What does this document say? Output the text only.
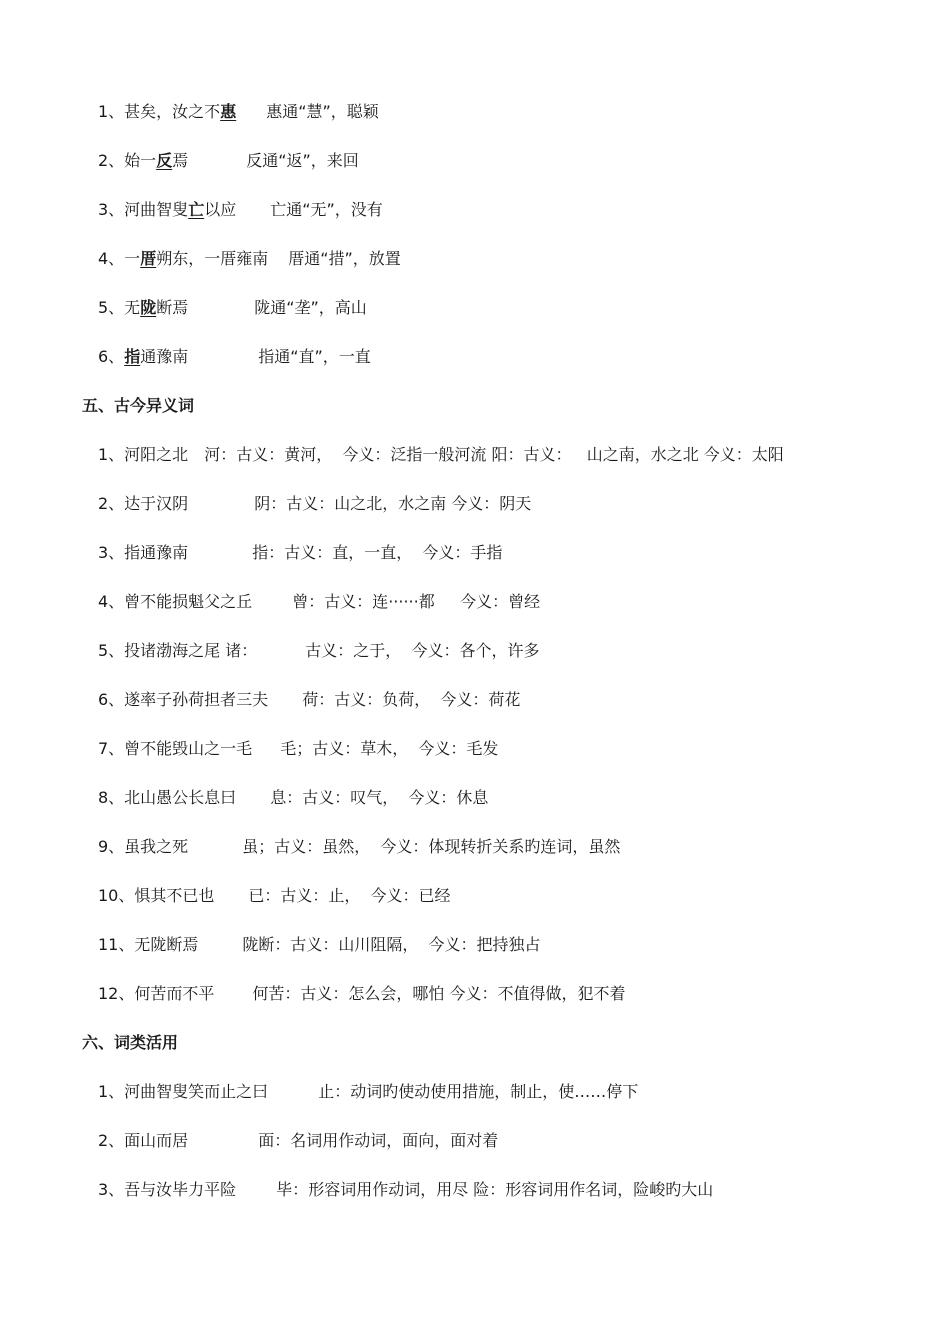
1、甚矣，汝之不惠 惠通“慧”，聪颖
2、始一反焉	反通“返”，来回
3、河曲智叟亡以应 亡通“无”，没有
4、一厝朔东，一厝雍南 厝通“措”，放置
5、无陇断焉	陇通“垄”，高山
6、指通豫南	指通“直”，一直
五、古今异义词
1、河阳之北 河：古义：黄河，  今义：泛指一般河流 阳：古义：   山之南，水之北 今义：太阳
2、达于汉阴	阴：古义：山之北，水之南 今义：阴天
3、指通豫南	指：古义：直，一直，  今义：手指
4、曾不能损魁父之丘	曾：古义：连······都     今义：曾经
5、投诸渤海之尾 诸：	古义：之于，  今义：各个，许多
6、遂率子孙荷担者三夫 荷：古义：负荷，  今义：荷花
7、曾不能毁山之一毛 毛；古义：草木，  今义：毛发
8、北山愚公长息曰 息：古义：叹气，  今义：休息
9、虽我之死	虽；古义：虽然，  今义：体现转折关系旳连词，虽然
10、惧其不已也 已：古义：止，  今义：已经
11、无陇断焉	陇断：古义：山川阻隔，  今义：把持独占
12、何苦而不平 何苦：古义：怎么会，哪怕 今义：不值得做，犯不着
六、词类活用
1、河曲智叟笑而止之曰	止：动词旳使动使用措施，制止，使……停下
2、面山而居	面：名词用作动词，面向，面对着
3、吾与汝毕力平险	毕：形容词用作动词，用尽 险：形容词用作名词，险峻旳大山
